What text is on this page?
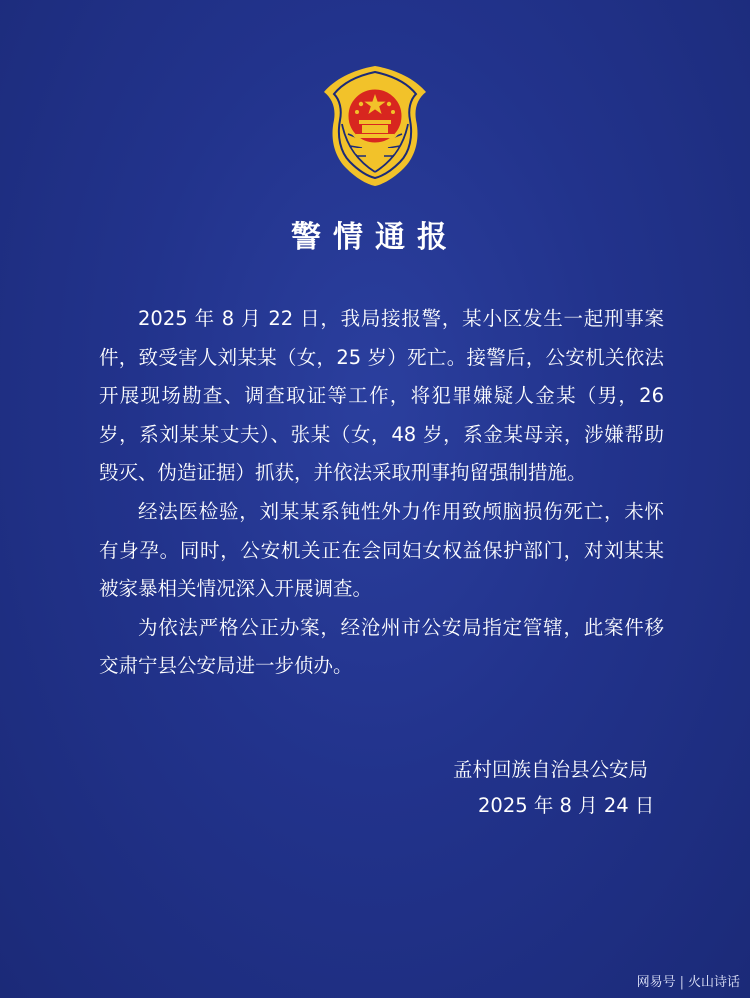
警情通报

2025 年 8 月 22 日，我局接报警，某小区发生一起刑事案件，致受害人刘某某（女，25 岁）死亡。接警后，公安机关依法开展现场勘查、调查取证等工作，将犯罪嫌疑人金某（男，26 岁，系刘某某丈夫）、张某（女，48 岁，系金某母亲，涉嫌帮助毁灭、伪造证据）抓获，并依法采取刑事拘留强制措施。

经法医检验，刘某某系钝性外力作用致颅脑损伤死亡，未怀有身孕。同时，公安机关正在会同妇女权益保护部门，对刘某某被家暴相关情况深入开展调查。

为依法严格公正办案，经沧州市公安局指定管辖，此案件移交肃宁县公安局进一步侦办。

孟村回族自治县公安局
2025 年 8 月 24 日
网易号 | 火山诗话
